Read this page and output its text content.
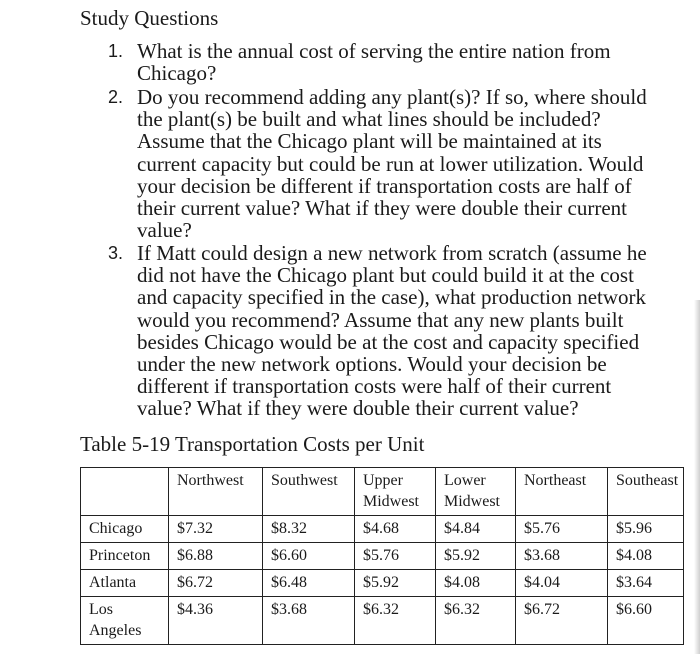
Study Questions
1. What is the annual cost of serving the entire nation from
Chicago?
2. Do you recommend adding any plant(s)? If so, where should
the plant(s) be built and what lines should be included?
Assume that the Chicago plant will be maintained at its
current capacity but could be run at lower utilization. Would
your decision be different if transportation costs are half of
their current value? What if they were double their current
value?
3. If Matt could design a new network from scratch (assume he
did not have the Chicago plant but could build it at the cost
and capacity specified in the case), what production network
would you recommend? Assume that any new plants built
besides Chicago would be at the cost and capacity specified
under the new network options. Would your decision be
different if transportation costs were half of their current
value? What if they were double their current value?
Table 5-19 Transportation Costs per Unit
	Northwest	Southwest	Upper
Midwest	Lower
Midwest	Northeast	Southeast
Chicago	$7.32	$8.32	$4.68	$4.84	$5.76	$5.96
Princeton	$6.88	$6.60	$5.76	$5.92	$3.68	$4.08
Atlanta	$6.72	$6.48	$5.92	$4.08	$4.04	$3.64
Los
Angeles	$4.36	$3.68	$6.32	$6.32	$6.72	$6.60
